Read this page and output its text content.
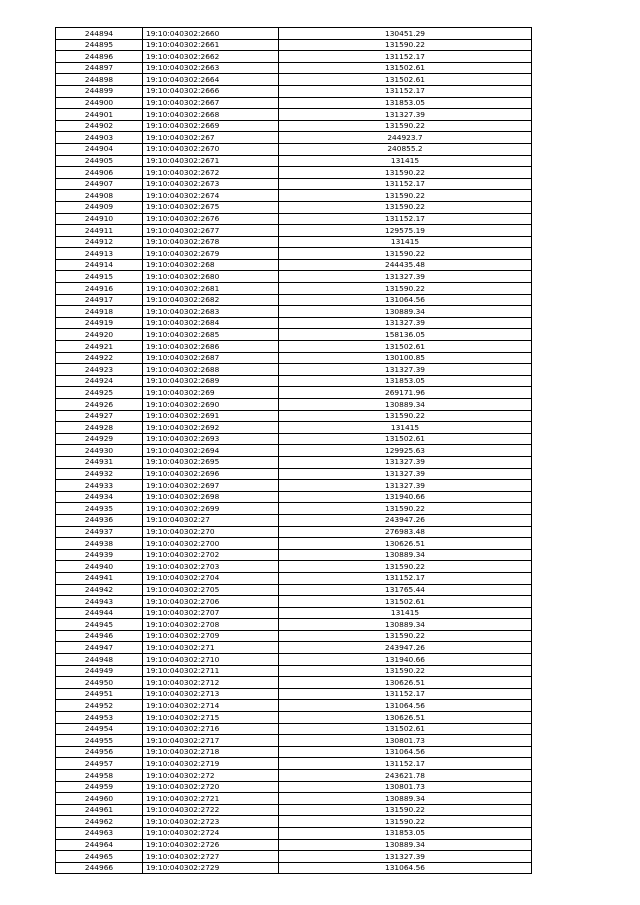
244894	19:10:040302:2660	130451.29
244895	19:10:040302:2661	131590.22
244896	19:10:040302:2662	131152.17
244897	19:10:040302:2663	131502.61
244898	19:10:040302:2664	131502.61
244899	19:10:040302:2666	131152.17
244900	19:10:040302:2667	131853.05
244901	19:10:040302:2668	131327.39
244902	19:10:040302:2669	131590.22
244903	19:10:040302:267	244923.7
244904	19:10:040302:2670	240855.2
244905	19:10:040302:2671	131415
244906	19:10:040302:2672	131590.22
244907	19:10:040302:2673	131152.17
244908	19:10:040302:2674	131590.22
244909	19:10:040302:2675	131590.22
244910	19:10:040302:2676	131152.17
244911	19:10:040302:2677	129575.19
244912	19:10:040302:2678	131415
244913	19:10:040302:2679	131590.22
244914	19:10:040302:268	244435.48
244915	19:10:040302:2680	131327.39
244916	19:10:040302:2681	131590.22
244917	19:10:040302:2682	131064.56
244918	19:10:040302:2683	130889.34
244919	19:10:040302:2684	131327.39
244920	19:10:040302:2685	158136.05
244921	19:10:040302:2686	131502.61
244922	19:10:040302:2687	130100.85
244923	19:10:040302:2688	131327.39
244924	19:10:040302:2689	131853.05
244925	19:10:040302:269	269171.96
244926	19:10:040302:2690	130889.34
244927	19:10:040302:2691	131590.22
244928	19:10:040302:2692	131415
244929	19:10:040302:2693	131502.61
244930	19:10:040302:2694	129925.63
244931	19:10:040302:2695	131327.39
244932	19:10:040302:2696	131327.39
244933	19:10:040302:2697	131327.39
244934	19:10:040302:2698	131940.66
244935	19:10:040302:2699	131590.22
244936	19:10:040302:27	243947.26
244937	19:10:040302:270	276983.48
244938	19:10:040302:2700	130626.51
244939	19:10:040302:2702	130889.34
244940	19:10:040302:2703	131590.22
244941	19:10:040302:2704	131152.17
244942	19:10:040302:2705	131765.44
244943	19:10:040302:2706	131502.61
244944	19:10:040302:2707	131415
244945	19:10:040302:2708	130889.34
244946	19:10:040302:2709	131590.22
244947	19:10:040302:271	243947.26
244948	19:10:040302:2710	131940.66
244949	19:10:040302:2711	131590.22
244950	19:10:040302:2712	130626.51
244951	19:10:040302:2713	131152.17
244952	19:10:040302:2714	131064.56
244953	19:10:040302:2715	130626.51
244954	19:10:040302:2716	131502.61
244955	19:10:040302:2717	130801.73
244956	19:10:040302:2718	131064.56
244957	19:10:040302:2719	131152.17
244958	19:10:040302:272	243621.78
244959	19:10:040302:2720	130801.73
244960	19:10:040302:2721	130889.34
244961	19:10:040302:2722	131590.22
244962	19:10:040302:2723	131590.22
244963	19:10:040302:2724	131853.05
244964	19:10:040302:2726	130889.34
244965	19:10:040302:2727	131327.39
244966	19:10:040302:2729	131064.56
